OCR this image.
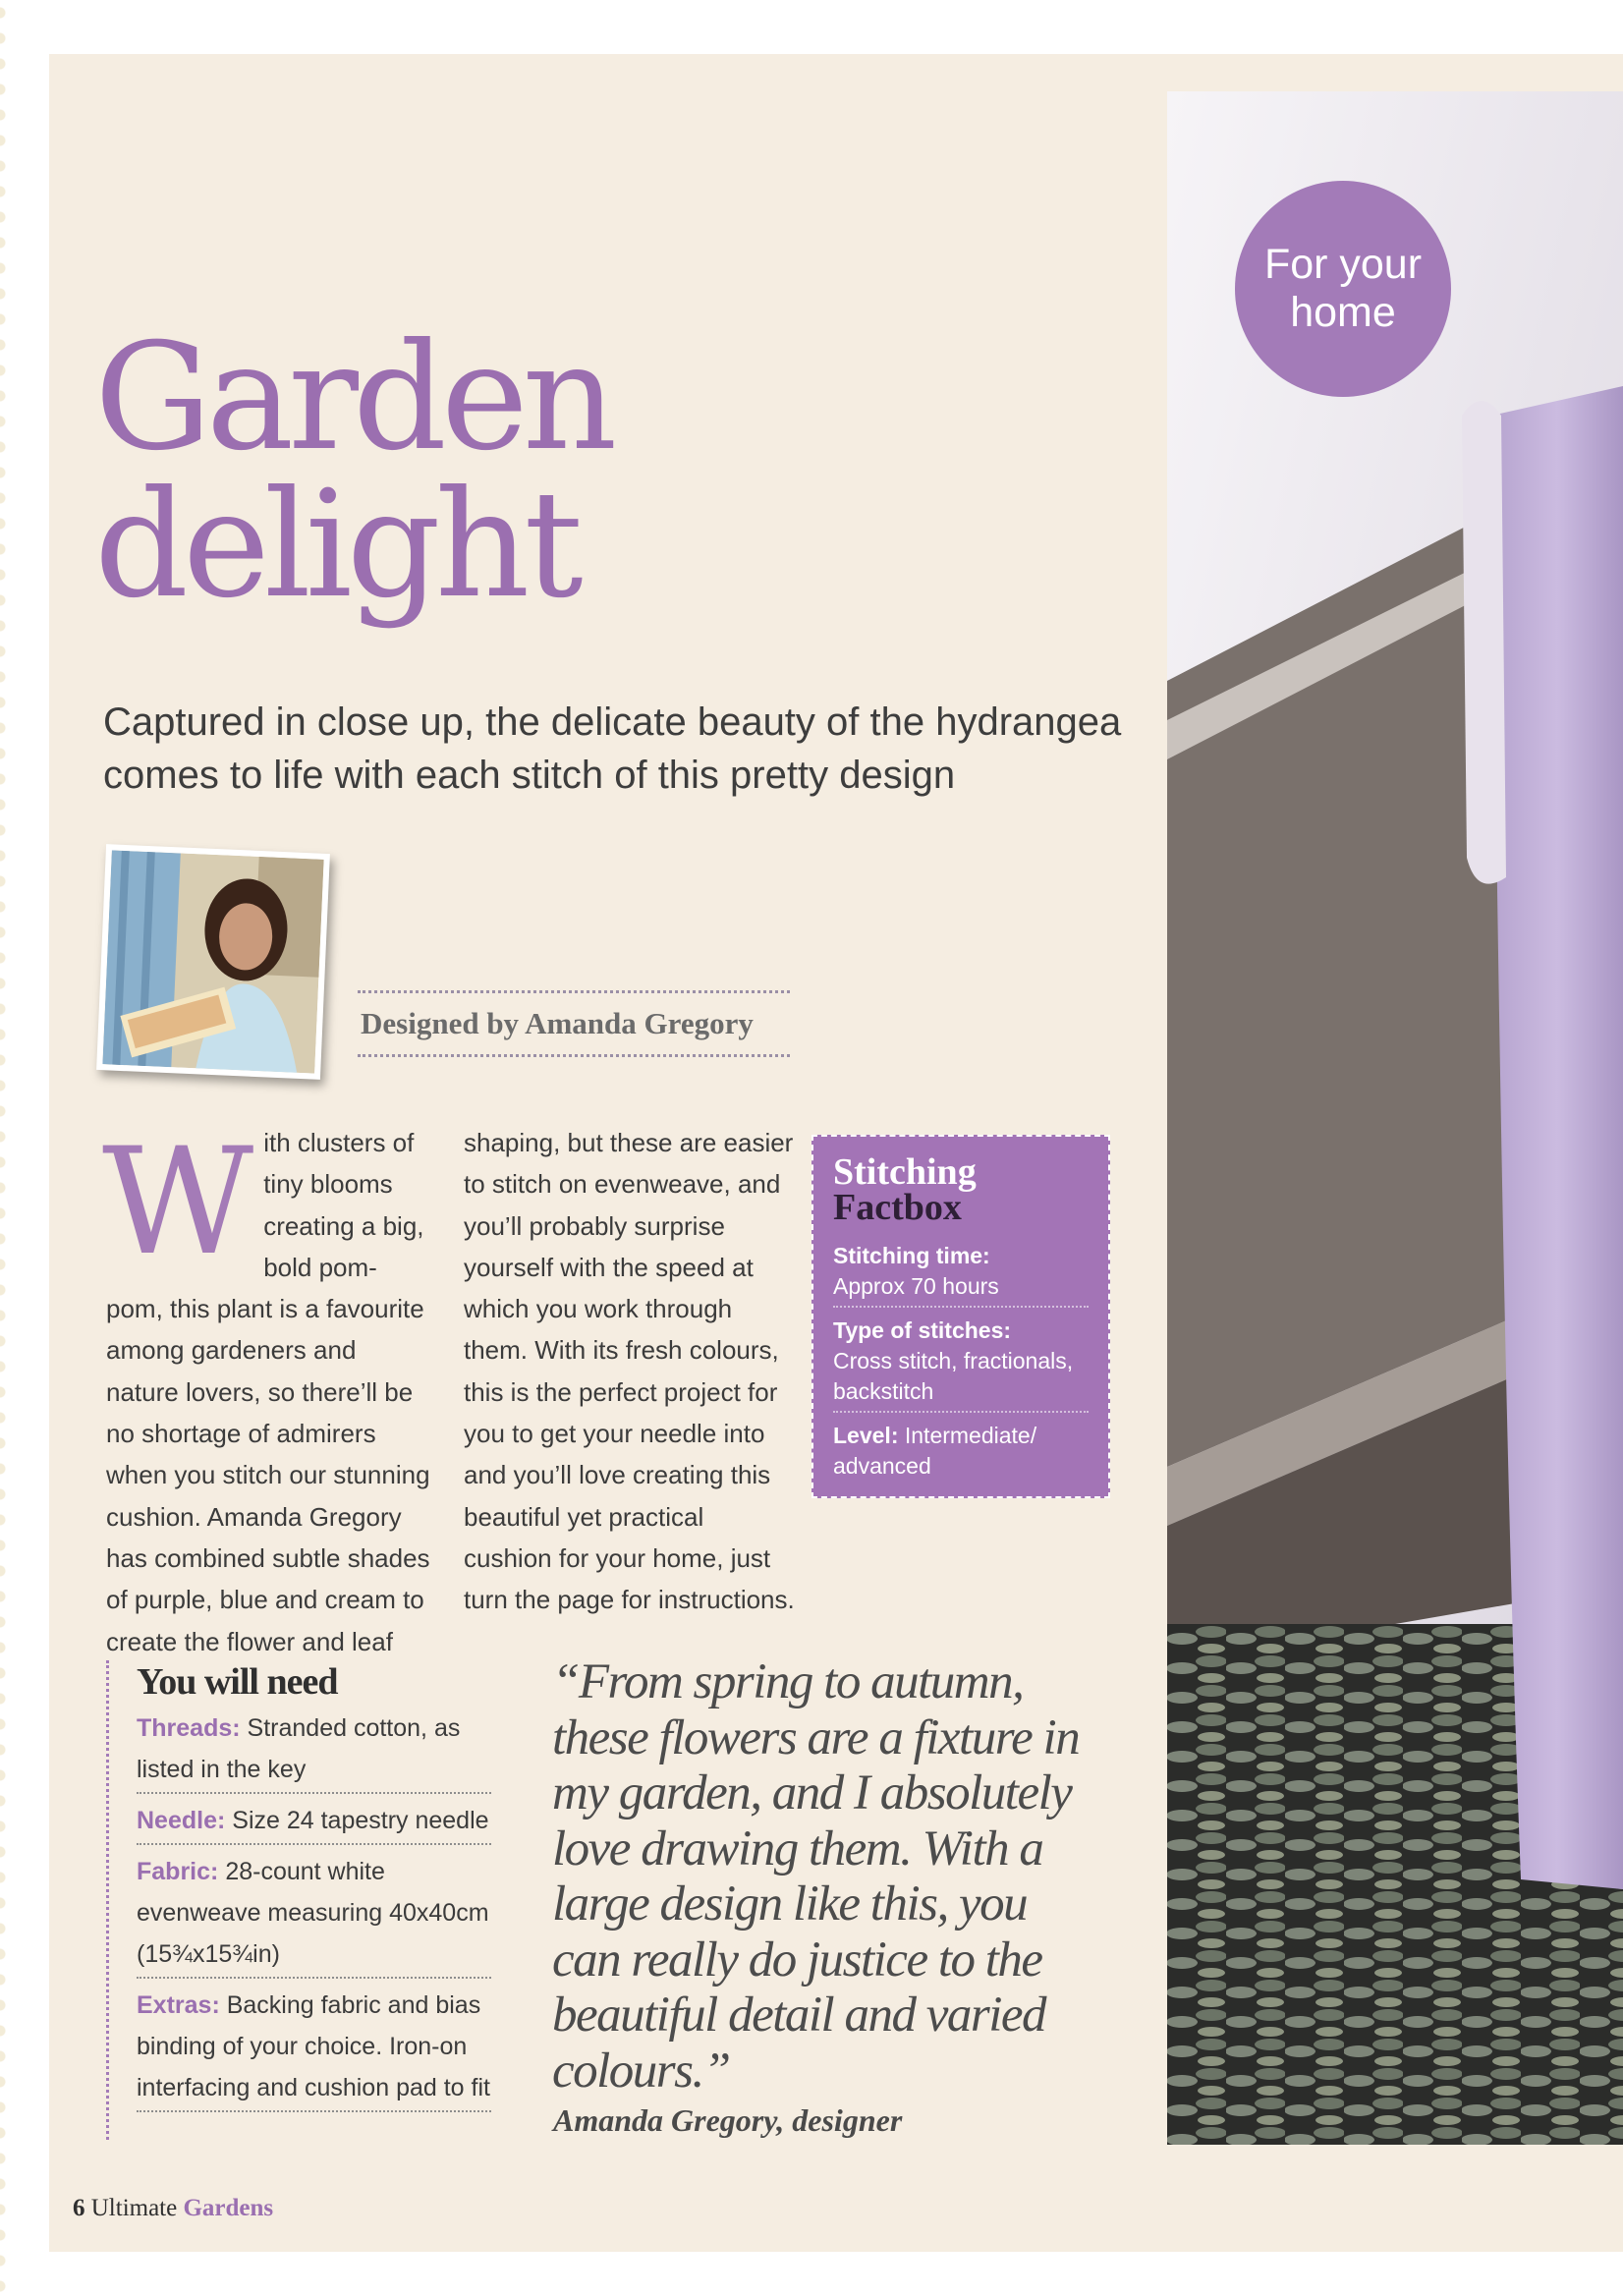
For your
home
Garden
delight
Captured in close up, the delicate beauty of the hydrangea comes to life with each stitch of this pretty design
Designed by Amanda Gregory
With clusters of tiny blooms creating a big, bold pom-pom, this plant is a favourite among gardeners and nature lovers, so there’ll be no shortage of admirers when you stitch our stunning cushion. Amanda Gregory has combined subtle shades of purple, blue and cream to create the flower and leaf
shaping, but these are easier to stitch on evenweave, and you’ll probably surprise yourself with the speed at which you work through them. With its fresh colours, this is the perfect project for you to get your needle into and you’ll love creating this beautiful yet practical cushion for your home, just turn the page for instructions.
Stitching
Factbox
Stitching time:
Approx 70 hours
Type of stitches:
Cross stitch, fractionals, backstitch
Level: Intermediate/ advanced
You will need
Threads: Stranded cotton, as listed in the key
Needle: Size 24 tapestry needle
Fabric: 28-count white evenweave measuring 40x40cm (15¾x15¾in)
Extras: Backing fabric and bias binding of your choice. Iron-on interfacing and cushion pad to fit
“From spring to autumn, these flowers are a fixture in my garden, and I absolutely love drawing them. With a large design like this, you can really do justice to the beautiful detail and varied colours.”
Amanda Gregory, designer
6 Ultimate Gardens
